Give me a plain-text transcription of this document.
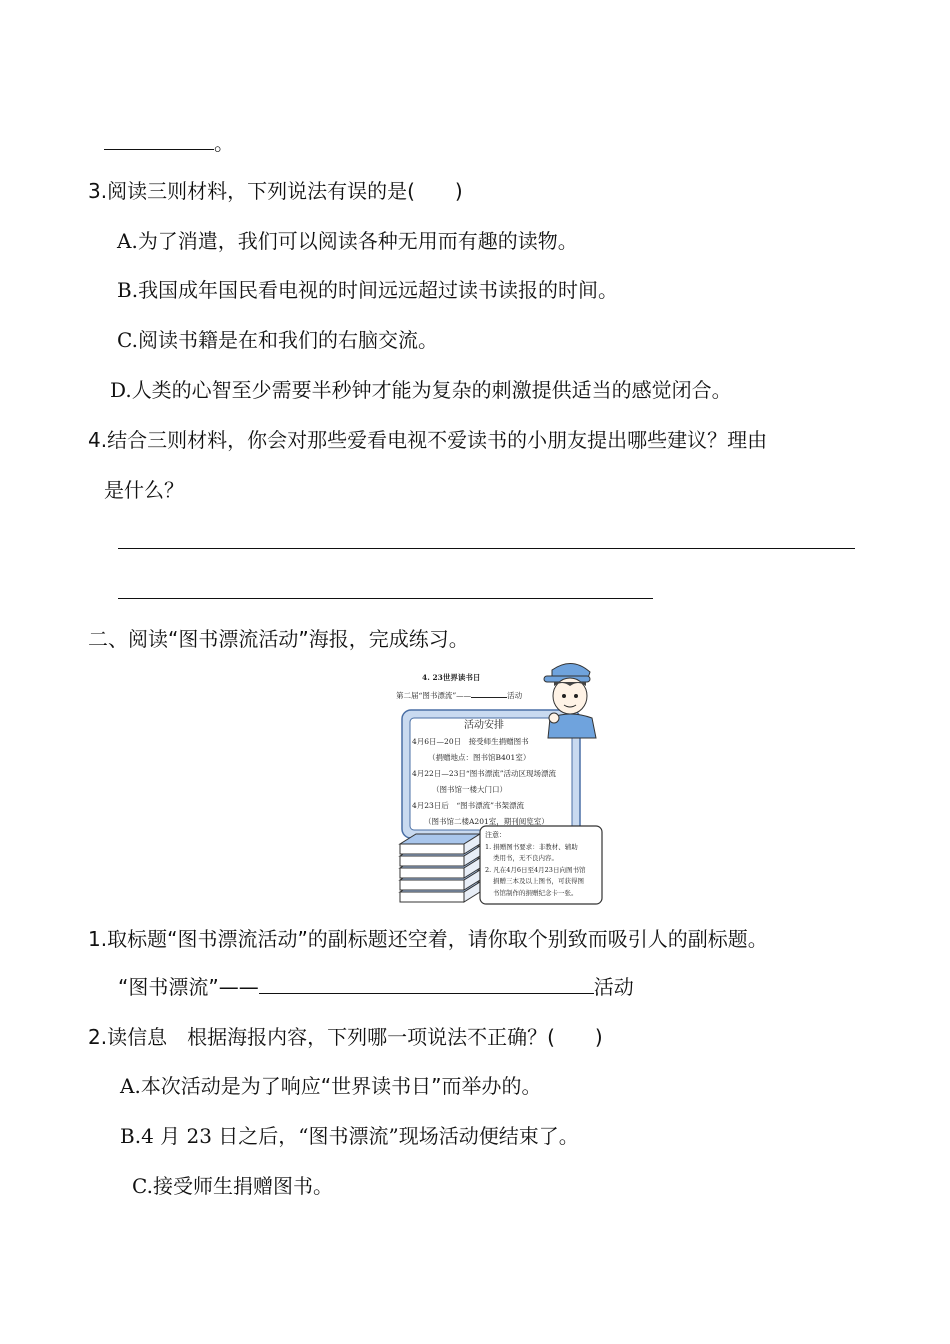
。
3.阅读三则材料，下列说法有误的是( )
A.为了消遣，我们可以阅读各种无用而有趣的读物。
B.我国成年国民看电视的时间远远超过读书读报的时间。
C.阅读书籍是在和我们的右脑交流。
D.人类的心智至少需要半秒钟才能为复杂的刺激提供适当的感觉闭合。
4.结合三则材料，你会对那些爱看电视不爱读书的小朋友提出哪些建议？理由
是什么？
二、阅读“图书漂流活动”海报，完成练习。
4. 23世界读书日
第二届“图书漂流”——	活动
活动安排
4月6日—20日　接受师生捐赠图书
（捐赠地点：图书馆B401室）
4月22日—23日“图书漂流”活动区现场漂流
（图书馆一楼大门口）
4月23日后　“图书漂流”书架漂流
（图书馆二楼A201室，期刊阅览室）
注意：
1. 捐赠图书要求：非教材、辅助
类用书，无不良内容。
2. 凡在4月6日至4月23日向图书馆
捐赠三本及以上图书，可获得图
书馆制作的捐赠纪念卡一张。
1.取标题“图书漂流活动”的副标题还空着，请你取个别致而吸引人的副标题。
“图书漂流”——	活动
2.读信息　根据海报内容，下列哪一项说法不正确？( )
A.本次活动是为了响应“世界读书日”而举办的。
B.4 月 23 日之后，“图书漂流”现场活动便结束了。
C.接受师生捐赠图书。
